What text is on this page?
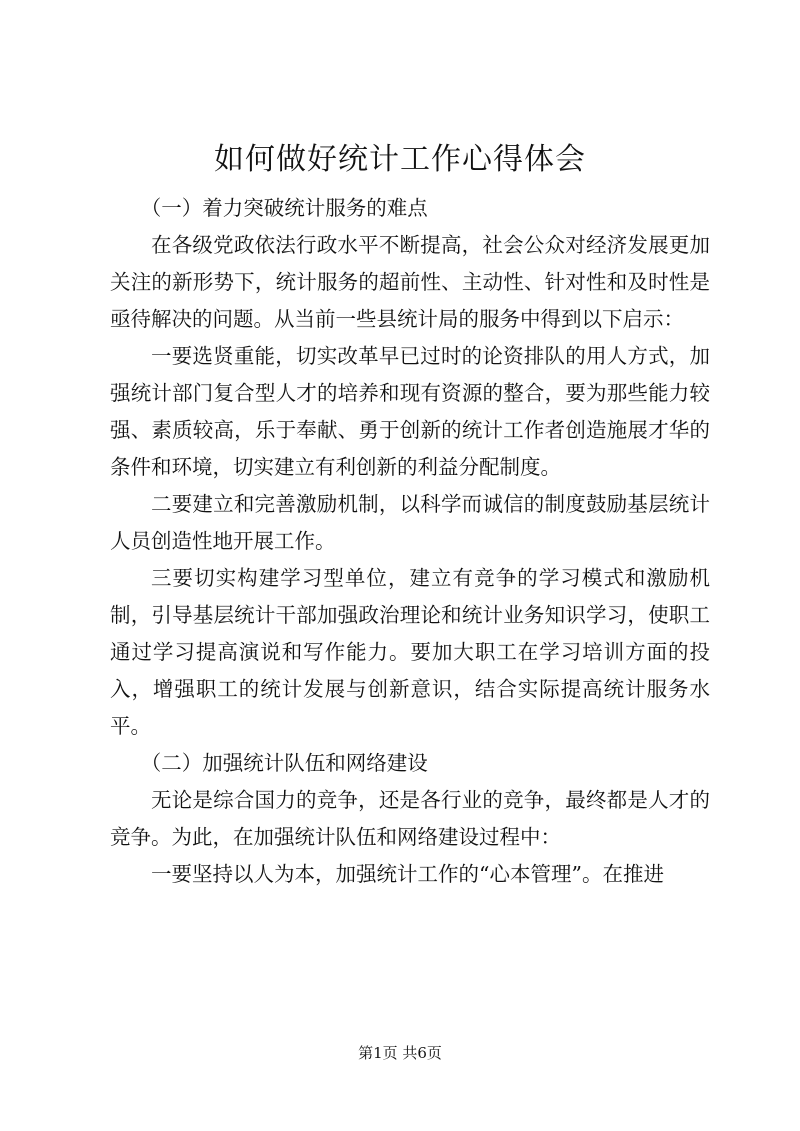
如何做好统计工作心得体会

（一）着力突破统计服务的难点

在各级党政依法行政水平不断提高，社会公众对经济发展更加关注的新形势下，统计服务的超前性、主动性、针对性和及时性是亟待解决的问题。从当前一些县统计局的服务中得到以下启示：

一要选贤重能，切实改革早已过时的论资排队的用人方式，加强统计部门复合型人才的培养和现有资源的整合，要为那些能力较强、素质较高，乐于奉献、勇于创新的统计工作者创造施展才华的条件和环境，切实建立有利创新的利益分配制度。

二要建立和完善激励机制，以科学而诚信的制度鼓励基层统计人员创造性地开展工作。

三要切实构建学习型单位，建立有竞争的学习模式和激励机制，引导基层统计干部加强政治理论和统计业务知识学习，使职工通过学习提高演说和写作能力。要加大职工在学习培训方面的投入，增强职工的统计发展与创新意识，结合实际提高统计服务水平。

（二）加强统计队伍和网络建设

无论是综合国力的竞争，还是各行业的竞争，最终都是人才的竞争。为此，在加强统计队伍和网络建设过程中：

一要坚持以人为本，加强统计工作的“心本管理”。在推进

第1页 共6页
